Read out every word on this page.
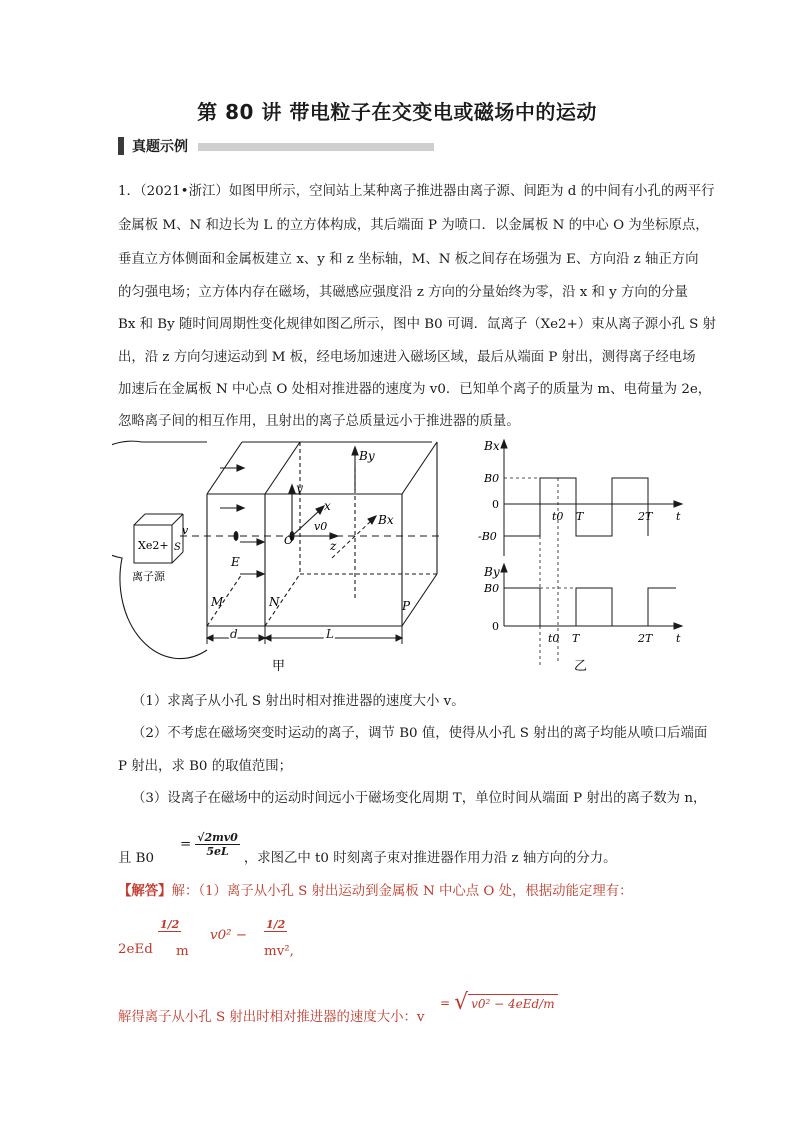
第 80 讲 带电粒子在交变电或磁场中的运动
真题示例
1．（2021•浙江）如图甲所示，空间站上某种离子推进器由离子源、间距为 d 的中间有小孔的两平行
金属板 M、N 和边长为 L 的立方体构成，其后端面 P 为喷口．以金属板 N 的中心 O 为坐标原点，
垂直立方体侧面和金属板建立 x、y 和 z 坐标轴，M、N 板之间存在场强为 E、方向沿 z 轴正方向
的匀强电场；立方体内存在磁场，其磁感应强度沿 z 方向的分量始终为零，沿 x 和 y 方向的分量
Bx 和 By 随时间周期性变化规律如图乙所示，图中 B0 可调．氙离子（Xe2+）束从离子源小孔 S 射
出，沿 z 方向匀速运动到 M 板，经电场加速进入磁场区域，最后从端面 P 射出，测得离子经电场
加速后在金属板 N 中心点 O 处相对推进器的速度为 v0．已知单个离子的质量为 m、电荷量为 2e，
忽略离子间的相互作用，且射出的离子总质量远小于推进器的质量。
Xe2+ S
v
离子源
E
M	N	P
O
y
x
v0
z
By
Bx
d	L
甲
Bx
B0
0
-B0
t0 T	2T t
By
B0
0
t0 T	2T t
乙
（1）求离子从小孔 S 射出时相对推进器的速度大小 v。
（2）不考虑在磁场突变时运动的离子，调节 B0 值，使得从小孔 S 射出的离子均能从喷口后端面
P 射出，求 B0 的取值范围；
（3）设离子在磁场中的运动时间远小于磁场变化周期 T，单位时间从端面 P 射出的离子数为 n，
且 B0
= $\frac{√2mv0}{5eL}$
，求图乙中 t0 时刻离子束对推进器作用力沿 z 轴方向的分力。
【解答】解：（1）离子从小孔 S 射出运动到金属板 N 中心点 O 处，根据动能定理有：
2eEd
1/2
m
v0² −
1/2
mv²,
解得离子从小孔 S 射出时相对推进器的速度大小：v
= √ v0² − 4eEd/m
